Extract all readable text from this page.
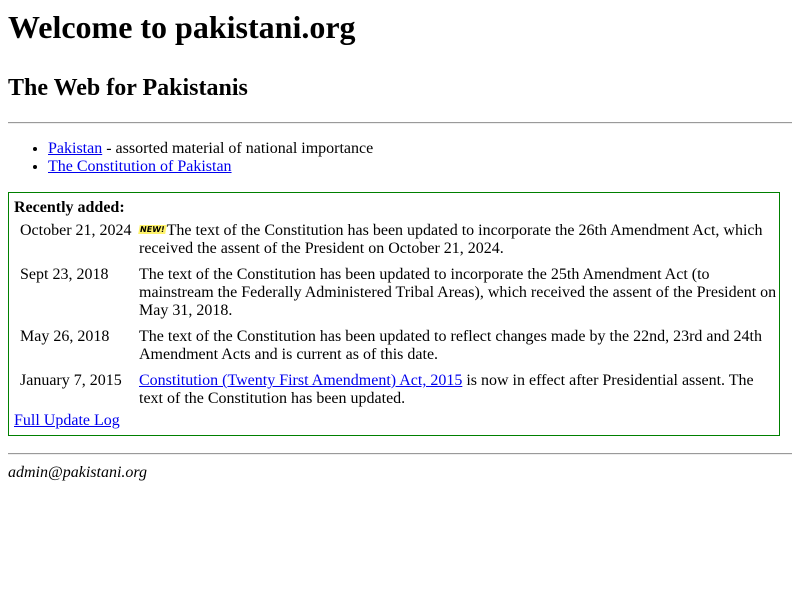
Welcome to pakistani.org
The Web for Pakistanis
• Pakistan - assorted material of national importance
• The Constitution of Pakistan
Recently added:
October 21, 2024	NEW!The text of the Constitution has been updated to incorporate the 26th Amendment Act, which received the assent of the President on October 21, 2024.
Sept 23, 2018	The text of the Constitution has been updated to incorporate the 25th Amendment Act (to mainstream the Federally Administered Tribal Areas), which received the assent of the President on May 31, 2018.
May 26, 2018	The text of the Constitution has been updated to reflect changes made by the 22nd, 23rd and 24th Amendment Acts and is current as of this date.
January 7, 2015	Constitution (Twenty First Amendment) Act, 2015 is now in effect after Presidential assent. The text of the Constitution has been updated.
Full Update Log
admin@pakistani.org
